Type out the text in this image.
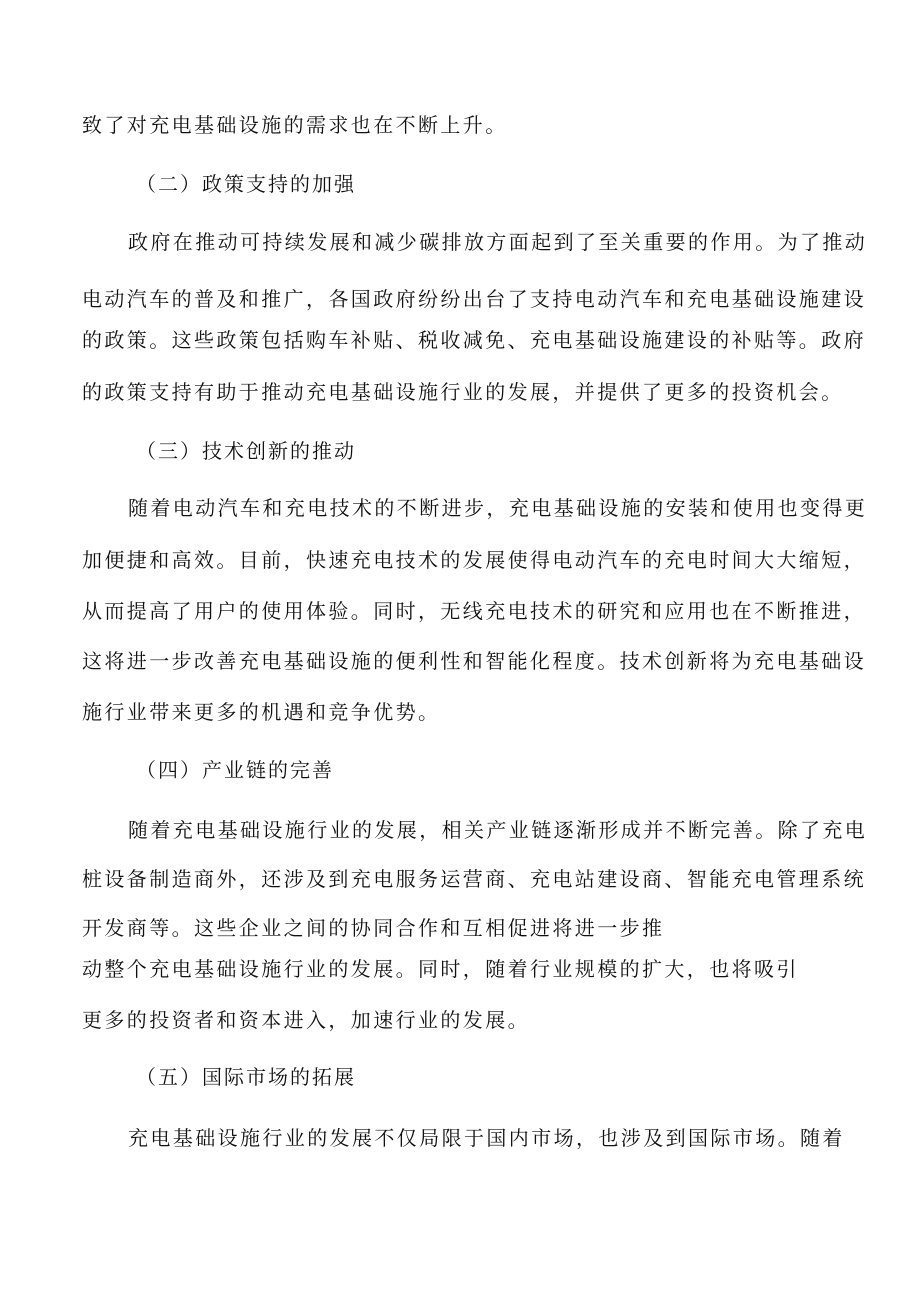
致了对充电基础设施的需求也在不断上升。
（二）政策支持的加强
政府在推动可持续发展和减少碳排放方面起到了至关重要的作用。为了推动
电动汽车的普及和推广，各国政府纷纷出台了支持电动汽车和充电基础设施建设
的政策。这些政策包括购车补贴、税收减免、充电基础设施建设的补贴等。政府
的政策支持有助于推动充电基础设施行业的发展，并提供了更多的投资机会。
（三）技术创新的推动
随着电动汽车和充电技术的不断进步，充电基础设施的安装和使用也变得更
加便捷和高效。目前，快速充电技术的发展使得电动汽车的充电时间大大缩短，
从而提高了用户的使用体验。同时，无线充电技术的研究和应用也在不断推进，
这将进一步改善充电基础设施的便利性和智能化程度。技术创新将为充电基础设
施行业带来更多的机遇和竞争优势。
（四）产业链的完善
随着充电基础设施行业的发展，相关产业链逐渐形成并不断完善。除了充电
桩设备制造商外，还涉及到充电服务运营商、充电站建设商、智能充电管理系统
开发商等。这些企业之间的协同合作和互相促进将进一步推
动整个充电基础设施行业的发展。同时，随着行业规模的扩大，也将吸引
更多的投资者和资本进入，加速行业的发展。
（五）国际市场的拓展
充电基础设施行业的发展不仅局限于国内市场，也涉及到国际市场。随着
